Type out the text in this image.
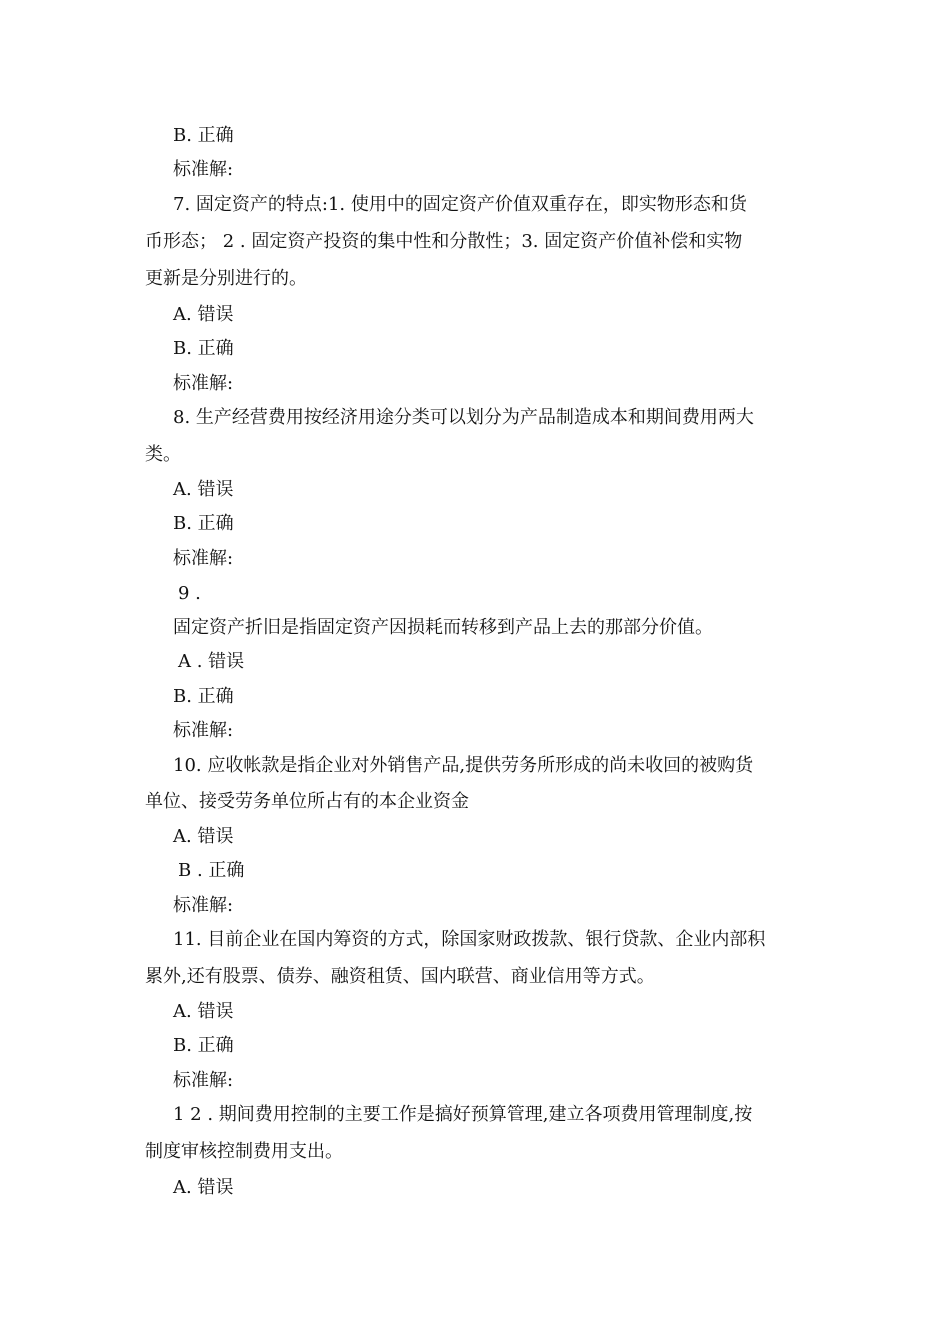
B. 正确
标准解:
7. 固定资产的特点:1. 使用中的固定资产价值双重存在，即实物形态和货
币形态； 2 . 固定资产投资的集中性和分散性；3. 固定资产价值补偿和实物
更新是分别进行的。
A. 错误
B. 正确
标准解:
8. 生产经营费用按经济用途分类可以划分为产品制造成本和期间费用两大
类。
A. 错误
B. 正确
标准解:
9 .
固定资产折旧是指固定资产因损耗而转移到产品上去的那部分价值。
A . 错误
B. 正确
标准解:
10. 应收帐款是指企业对外销售产品,提供劳务所形成的尚未收回的被购货
单位、接受劳务单位所占有的本企业资金
A. 错误
B . 正确
标准解:
11. 目前企业在国内筹资的方式，除国家财政拨款、银行贷款、企业内部积
累外,还有股票、债券、融资租赁、国内联营、商业信用等方式。
A. 错误
B. 正确
标准解:
1 2 . 期间费用控制的主要工作是搞好预算管理,建立各项费用管理制度,按
制度审核控制费用支出。
A. 错误
